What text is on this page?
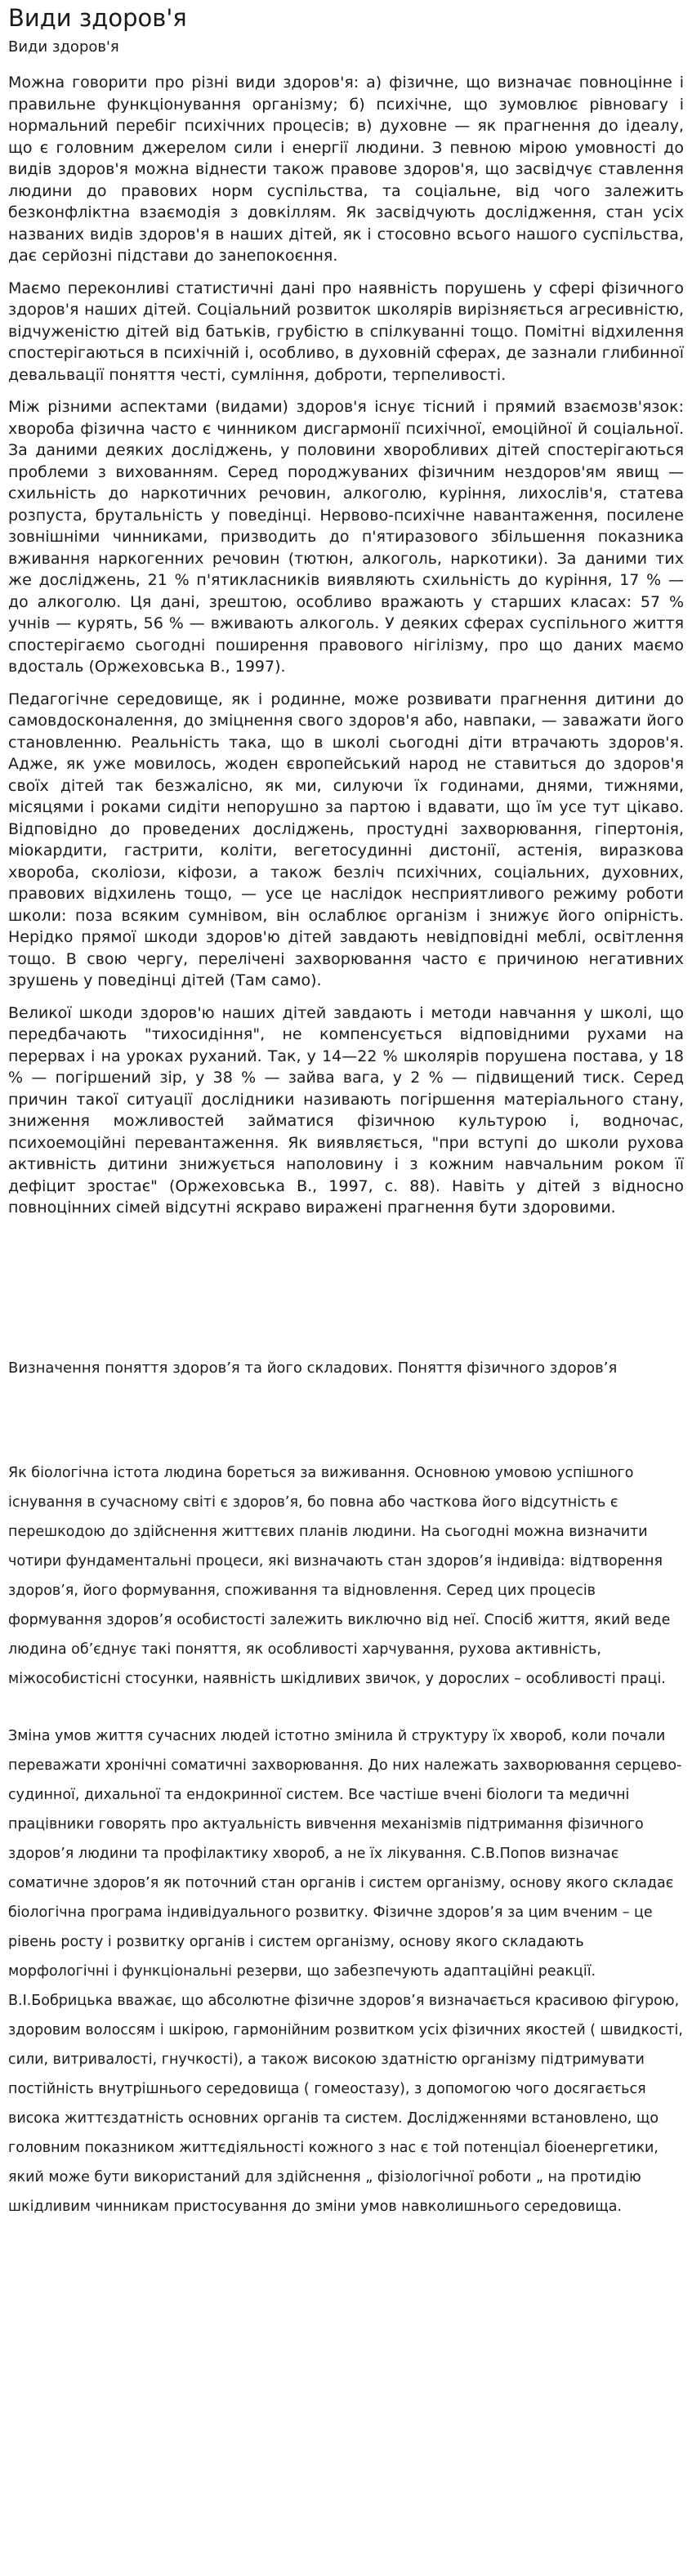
Види здоров'я
Види здоров'я

Можна говорити про різні види здоров'я: а) фізичне, що визначає повноцінне і правильне функціонування організму; б) психічне, що зумовлює рівновагу і нормальний перебіг психічних процесів; в) духовне — як прагнення до ідеалу, що є головним джерелом сили і енергії людини. З певною мірою умовності до видів здоров'я можна віднести також правове здоров'я, що засвідчує ставлення людини до правових норм суспільства, та соціальне, від чого залежить безконфліктна взаємодія з довкіллям. Як засвідчують дослідження, стан усіх названих видів здоров'я в наших дітей, як і стосовно всього нашого суспільства, дає серйозні підстави до занепокоєння.

Маємо переконливі статистичні дані про наявність порушень у сфері фізичного здоров'я наших дітей. Соціальний розвиток школярів вирізняється агресивністю, відчуженістю дітей від батьків, грубістю в спілкуванні тощо. Помітні відхилення спостерігаються в психічній і, особливо, в духовній сферах, де зазнали глибинної девальвації поняття честі, сумління, доброти, терпеливості.

Між різними аспектами (видами) здоров'я існує тісний і прямий взаємозв'язок: хвороба фізична часто є чинником дисгармонії психічної, емоційної й соціальної. За даними деяких досліджень, у половини хворобливих дітей спостерігаються проблеми з вихованням. Серед породжуваних фізичним нездоров'ям явищ — схильність до наркотичних речовин, алкоголю, куріння, лихослів'я, статева розпуста, брутальність у поведінці. Нервово-психічне навантаження, посилене зовнішніми чинниками, призводить до п'ятиразового збільшення показника вживання наркогенних речовин (тютюн, алкоголь, наркотики). За даними тих же досліджень, 21 % п'ятикласників виявляють схильність до куріння, 17 % — до алкоголю. Ця дані, зрештою, особливо вражають у старших класах: 57 % учнів — курять, 56 % — вживають алкоголь. У деяких сферах суспільного життя спостерігаємо сьогодні поширення правового нігілізму, про що даних маємо вдосталь (Оржеховська В., 1997).

Педагогічне середовище, як і родинне, може розвивати прагнення дитини до самовдосконалення, до зміцнення свого здоров'я або, навпаки, — заважати його становленню. Реальність така, що в школі сьогодні діти втрачають здоров'я. Адже, як уже мовилось, жоден європейський народ не ставиться до здоров'я своїх дітей так безжалісно, як ми, силуючи їх годинами, днями, тижнями, місяцями і роками сидіти непорушно за партою і вдавати, що їм усе тут цікаво. Відповідно до проведених досліджень, простудні захворювання, гіпертонія, міокардити, гастрити, коліти, вегетосудинні дистонії, астенія, виразкова хвороба, сколіози, кіфози, а також безліч психічних, соціальних, духовних, правових відхилень тощо, — усе це наслідок несприятливого режиму роботи школи: поза всяким сумнівом, він ослаблює організм і знижує його опірність. Нерідко прямої шкоди здоров'ю дітей завдають невідповідні меблі, освітлення тощо. В свою чергу, перелічені захворювання часто є причиною негативних зрушень у поведінці дітей (Там само).

Великої шкоди здоров'ю наших дітей завдають і методи навчання у школі, що передбачають "тихосидіння", не компенсується відповідними рухами на перервах і на уроках руханий. Так, у 14—22 % школярів порушена постава, у 18 % — погіршений зір, у 38 % — зайва вага, у 2 % — підвищений тиск. Серед причин такої ситуації дослідники називають погіршення матеріального стану, зниження можливостей займатися фізичною культурою і, водночас, психоемоційні перевантаження. Як виявляється, "при вступі до школи рухова активність дитини знижується наполовину і з кожним навчальним роком її дефіцит зростає" (Оржеховська В., 1997, с. 88). Навіть у дітей з відносно повноцінних сімей відсутні яскраво виражені прагнення бути здоровими.

Визначення поняття здоров’я та його складових. Поняття фізичного здоров’я

Як біологічна істота людина бореться за виживання. Основною умовою успішного існування в сучасному світі є здоров’я, бо повна або часткова його відсутність є перешкодою до здійснення життєвих планів людини. На сьогодні можна визначити чотири фундаментальні процеси, які визначають стан здоров’я індивіда: відтворення здоров’я, його формування, споживання та відновлення. Серед цих процесів формування здоров’я особистості залежить виключно від неї. Спосіб життя, який веде людина об’єднує такі поняття, як особливості харчування, рухова активність, міжособистісні стосунки, наявність шкідливих звичок, у дорослих – особливості праці.

Зміна умов життя сучасних людей істотно змінила й структуру їх хвороб, коли почали переважати хронічні соматичні захворювання. До них належать захворювання серцево-судинної, дихальної та ендокринної систем. Все частіше вчені біологи та медичні працівники говорять про актуальність вивчення механізмів підтримання фізичного здоров’я людини та профілактику хвороб, а не їх лікування. С.В.Попов визначає соматичне здоров’я як поточний стан органів і систем організму, основу якого складає біологічна програма індивідуального розвитку. Фізичне здоров’я за цим вченим – це рівень росту і розвитку органів і систем організму, основу якого складають морфологічні і функціональні резерви, що забезпечують адаптаційні реакції. В.І.Бобрицька вважає, що абсолютне фізичне здоров’я визначається красивою фігурою, здоровим волоссям і шкірою, гармонійним розвитком усіх фізичних якостей ( швидкості, сили, витривалості, гнучкості), а також високою здатністю організму підтримувати постійність внутрішнього середовища ( гомеостазу), з допомогою чого досягається висока життєздатність основних органів та систем. Дослідженнями встановлено, що головним показником життєдіяльності кожного з нас є той потенціал біоенергетики, який може бути використаний для здійснення „ фізіологічної роботи „ на протидію шкідливим чинникам пристосування до зміни умов навколишнього середовища.
